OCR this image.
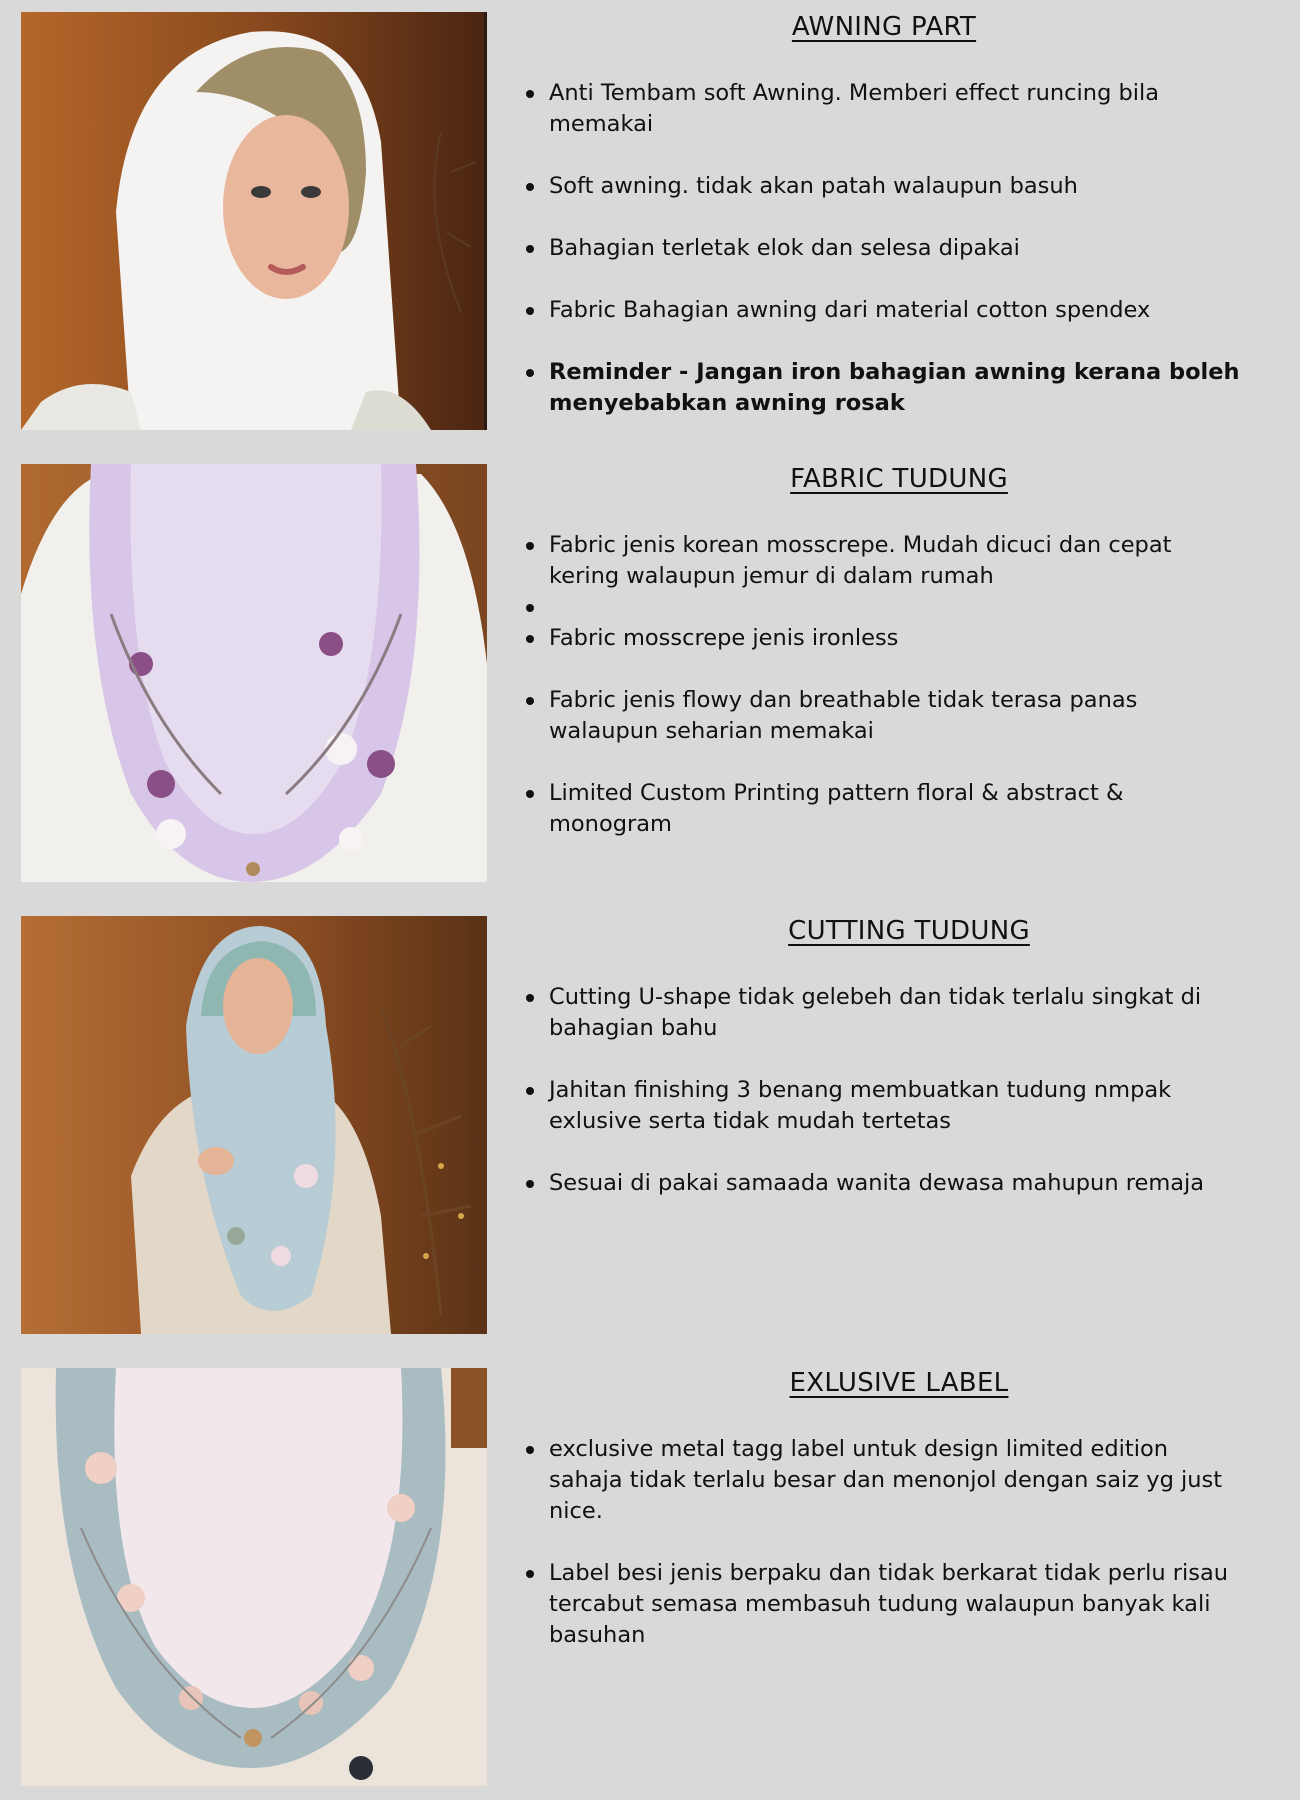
AWNING PART
Anti Tembam soft Awning. Memberi effect runcing bila memakai
Soft awning. tidak akan patah walaupun basuh
Bahagian terletak elok dan selesa dipakai
Fabric Bahagian awning dari material cotton spendex
Reminder - Jangan iron bahagian awning kerana boleh menyebabkan awning rosak
FABRIC TUDUNG
Fabric jenis korean mosscrepe. Mudah dicuci dan cepat kering walaupun jemur di dalam rumah
Fabric mosscrepe jenis ironless
Fabric jenis flowy dan breathable tidak terasa panas walaupun seharian memakai
Limited Custom Printing pattern floral & abstract & monogram
CUTTING TUDUNG
Cutting U-shape tidak gelebeh dan tidak terlalu singkat di bahagian bahu
Jahitan finishing 3 benang membuatkan tudung nmpak exlusive serta tidak mudah tertetas
Sesuai di pakai samaada wanita dewasa mahupun remaja
EXLUSIVE LABEL
exclusive metal tagg label untuk design limited edition sahaja tidak terlalu besar dan menonjol dengan saiz yg just nice.
Label besi jenis berpaku dan tidak berkarat tidak perlu risau tercabut semasa membasuh tudung walaupun banyak kali basuhan
